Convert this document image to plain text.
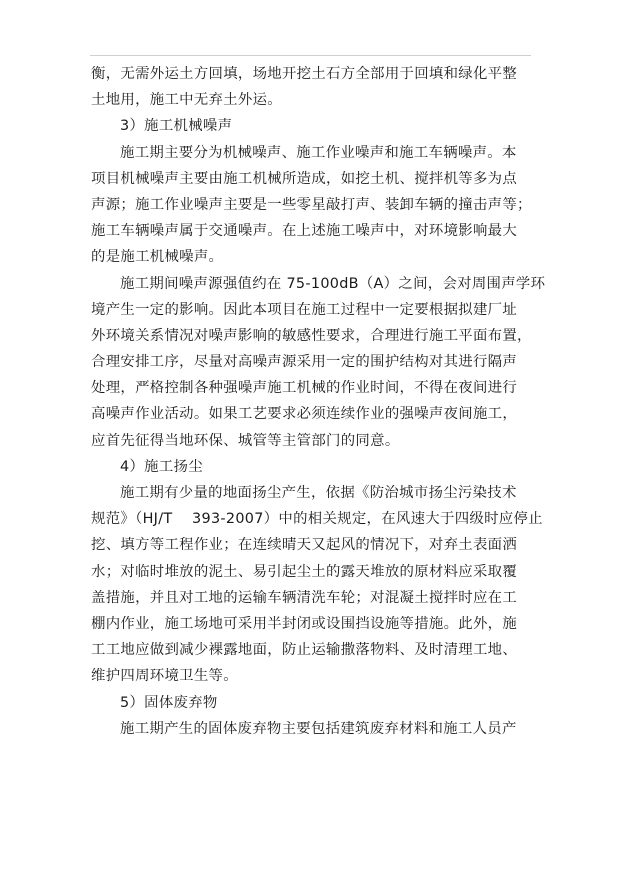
衡，无需外运土方回填，场地开挖土石方全部用于回填和绿化平整
土地用，施工中无弃土外运。
3）施工机械噪声
施工期主要分为机械噪声、施工作业噪声和施工车辆噪声。本
项目机械噪声主要由施工机械所造成，如挖土机、搅拌机等多为点
声源；施工作业噪声主要是一些零星敲打声、装卸车辆的撞击声等；
施工车辆噪声属于交通噪声。在上述施工噪声中，对环境影响最大
的是施工机械噪声。
施工期间噪声源强值约在 75-100dB（A）之间，会对周围声学环
境产生一定的影响。因此本项目在施工过程中一定要根据拟建厂址
外环境关系情况对噪声影响的敏感性要求，合理进行施工平面布置，
合理安排工序，尽量对高噪声源采用一定的围护结构对其进行隔声
处理，严格控制各种强噪声施工机械的作业时间，不得在夜间进行
高噪声作业活动。如果工艺要求必须连续作业的强噪声夜间施工，
应首先征得当地环保、城管等主管部门的同意。
4）施工扬尘
施工期有少量的地面扬尘产生，依据《防治城市扬尘污染技术
规范》（HJ/T　 393-2007）中的相关规定，在风速大于四级时应停止
挖、填方等工程作业；在连续晴天又起风的情况下，对弃土表面洒
水；对临时堆放的泥土、易引起尘土的露天堆放的原材料应采取覆
盖措施，并且对工地的运输车辆清洗车轮；对混凝土搅拌时应在工
棚内作业，施工场地可采用半封闭或设围挡设施等措施。此外，施
工工地应做到减少裸露地面，防止运输撒落物料、及时清理工地、
维护四周环境卫生等。
5）固体废弃物
施工期产生的固体废弃物主要包括建筑废弃材料和施工人员产
